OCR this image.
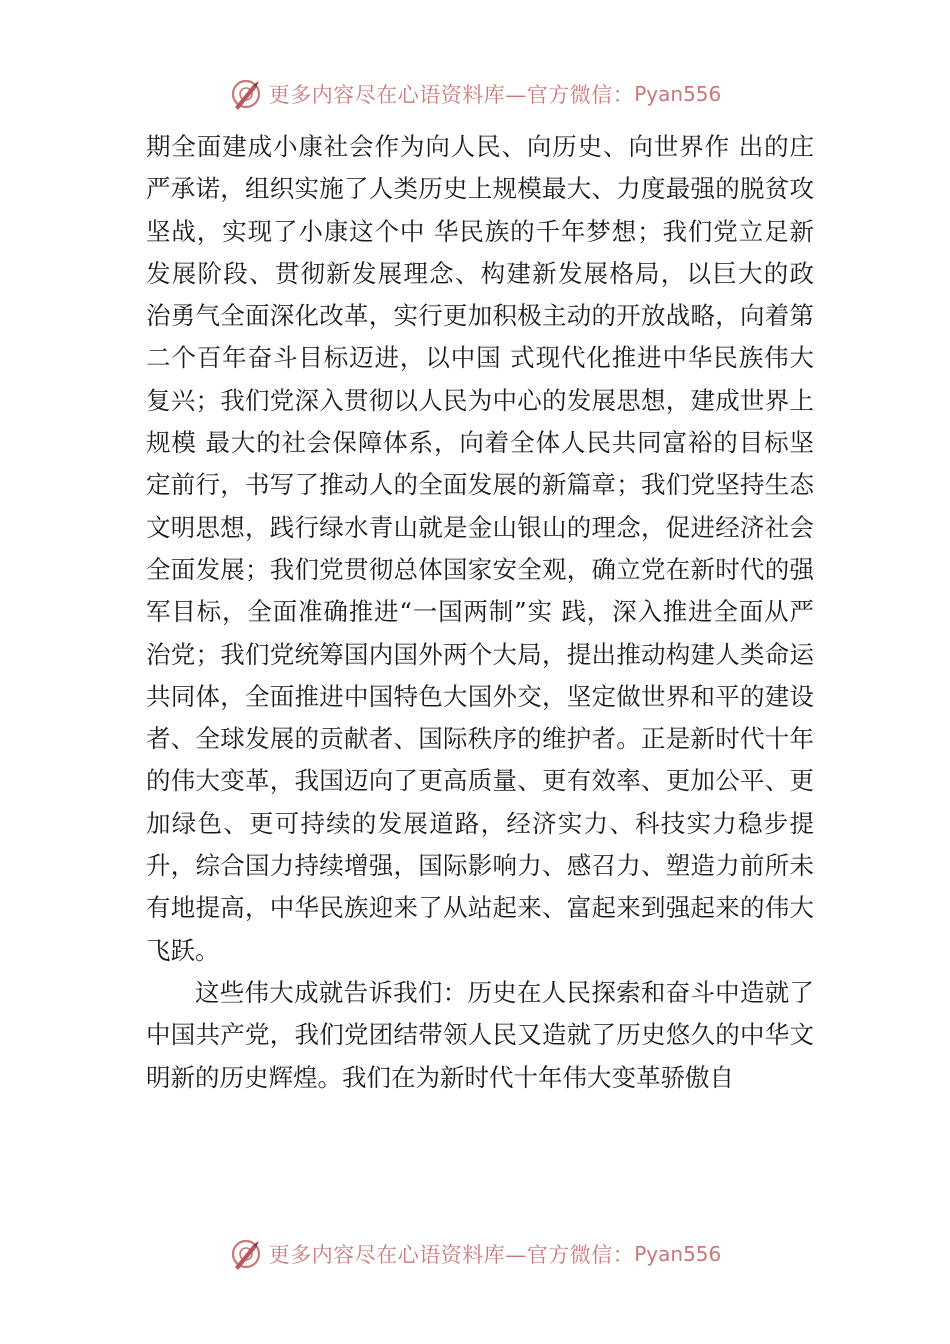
更多内容尽在心语资料库—官方微信： Pyan556

期全面建成小康社会作为向人民、向历史、向世界作 出的庄严承诺，组织实施了人类历史上规模最大、力度最强的脱贫攻坚战，实现了小康这个中 华民族的千年梦想；我们党立足新发展阶段、贯彻新发展理念、构建新发展格局，以巨大的政 治勇气全面深化改革，实行更加积极主动的开放战略，向着第二个百年奋斗目标迈进，以中国 式现代化推进中华民族伟大复兴；我们党深入贯彻以人民为中心的发展思想，建成世界上规模 最大的社会保障体系，向着全体人民共同富裕的目标坚定前行，书写了推动人的全面发展的新篇章；我们党坚持生态文明思想，践行绿水青山就是金山银山的理念，促进经济社会全面发展；我们党贯彻总体国家安全观，确立党在新时代的强军目标，全面准确推进“一国两制”实 践，深入推进全面从严治党；我们党统筹国内国外两个大局，提出推动构建人类命运共同体，全面推进中国特色大国外交，坚定做世界和平的建设者、全球发展的贡献者、国际秩序的维护者。正是新时代十年的伟大变革，我国迈向了更高质量、更有效率、更加公平、更加绿色、更可持续的发展道路，经济实力、科技实力稳步提升，综合国力持续增强，国际影响力、感召力、塑造力前所未有地提高，中华民族迎来了从站起来、富起来到强起来的伟大飞跃。

这些伟大成就告诉我们：历史在人民探索和奋斗中造就了中国共产党，我们党团结带领人民又造就了历史悠久的中华文明新的历史辉煌。我们在为新时代十年伟大变革骄傲自

更多内容尽在心语资料库—官方微信： Pyan556
